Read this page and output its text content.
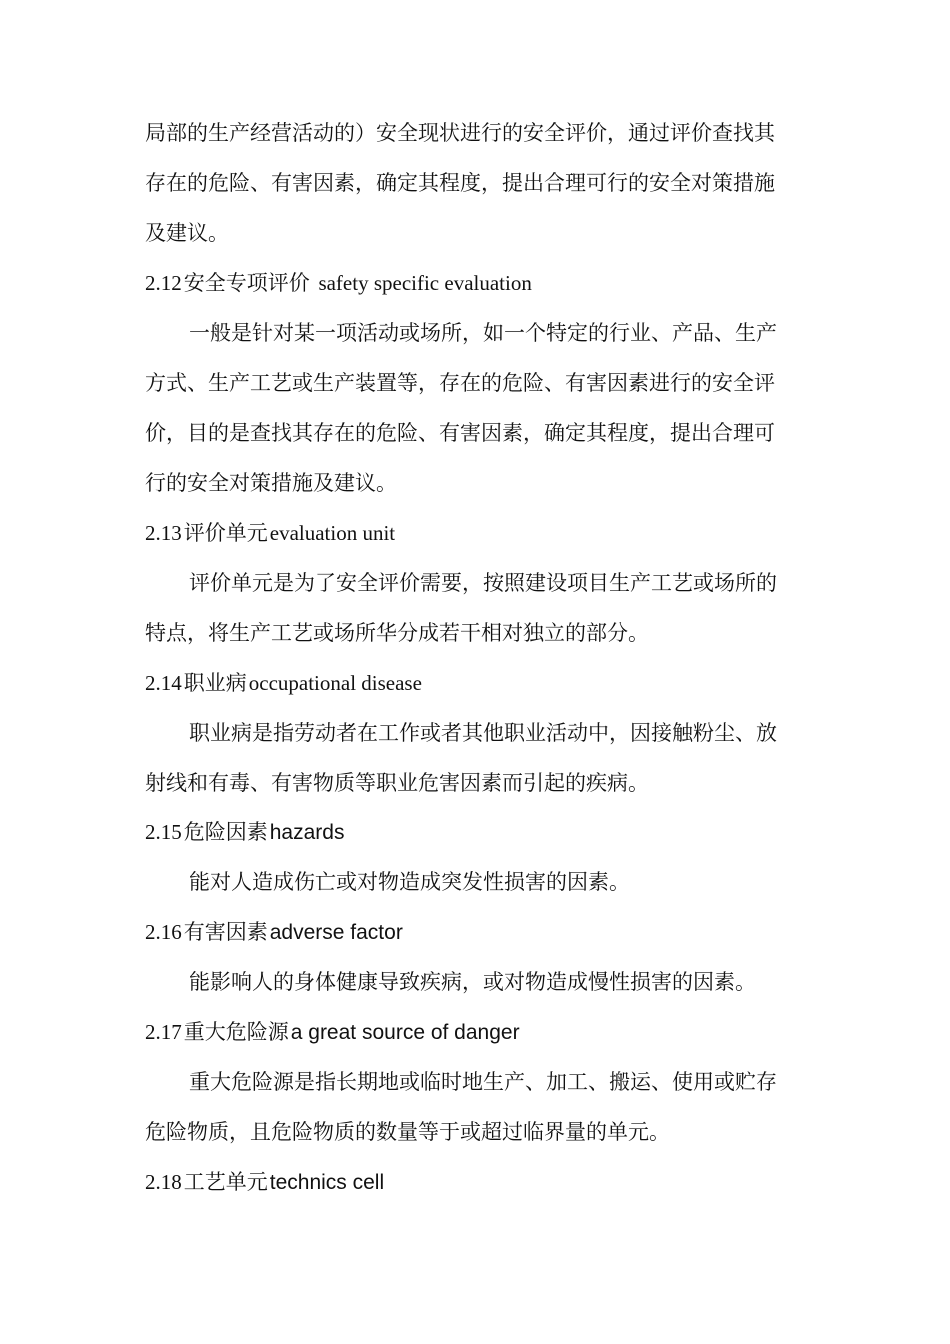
局部的生产经营活动的）安全现状进行的安全评价，通过评价查找其
存在的危险、有害因素，确定其程度，提出合理可行的安全对策措施
及建议。
2.12安全专项评价 safety specific evaluation
一般是针对某一项活动或场所，如一个特定的行业、产品、生产
方式、生产工艺或生产装置等，存在的危险、有害因素进行的安全评
价，目的是查找其存在的危险、有害因素，确定其程度，提出合理可
行的安全对策措施及建议。
2.13评价单元evaluation unit
评价单元是为了安全评价需要，按照建设项目生产工艺或场所的
特点，将生产工艺或场所华分成若干相对独立的部分。
2.14职业病occupational disease
职业病是指劳动者在工作或者其他职业活动中，因接触粉尘、放
射线和有毒、有害物质等职业危害因素而引起的疾病。
2.15危险因素hazards
能对人造成伤亡或对物造成突发性损害的因素。
2.16有害因素adverse factor
能影响人的身体健康导致疾病，或对物造成慢性损害的因素。
2.17重大危险源a great source of danger
重大危险源是指长期地或临时地生产、加工、搬运、使用或贮存
危险物质，且危险物质的数量等于或超过临界量的单元。
2.18工艺单元technics cell
